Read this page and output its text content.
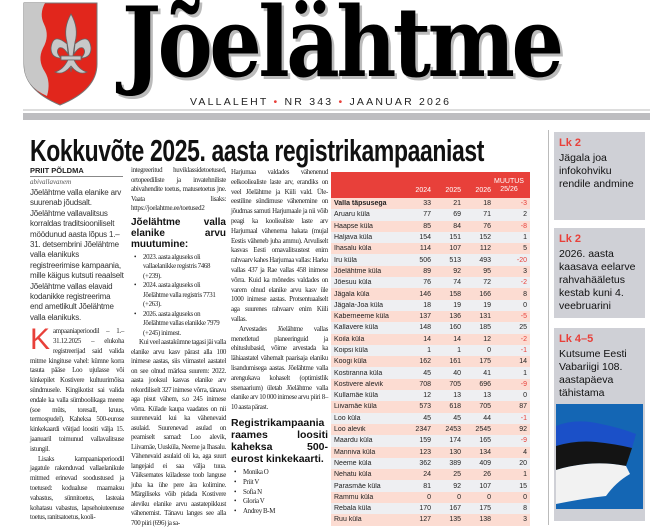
Jõelähtme
VALLALEHT • NR 343 • JAANUAR 2026
Kokkuvõte 2025. aasta registrikampaaniast
PRIIT PÕLDMA
abivallavanem
Jõelähtme valla elanike arv suurenab jõudsalt. Jõelähtme vallavalitsus korraldas traditsiooniliselt möödunud aasta lõpus 1.–31. detsembrini Jõelähtme valla elanikuks registreerimise kampaania, mille käigus kutsuti reaalselt Jõelähtme vallas elavaid kodanikke registreerima end ametlikult Jõelähtme valla elanikuks.
K ampaaniaperioodil – 1.–31.12.2025 – elukoha registreerijad said valida mitme kingituse vahel: kümne korra tasuta pääse Loo ujulasse või kinkepilet Kostivere kultuurimõisa sündmusele. Kingikotist sai valida endale ka valla sümboolikaga meene (soe müts, toresall, kruus, termospudel). Kaheksa 500-eurose kinkekaardi võitjad loositi välja 15. jaanuaril toimunud vallavalitsuse istungil.

Lisaks kampaaniaperioodil jagatule rakenduvad vallaelanikule mitmed erinevad soodustused ja toetused: kodualuse maamaksu vabastus, sünnitoetus, lasteaia kohatasu vabastus, lapsehoiuteenuse toetus, ranitsatoetus, kooli-

integreeritud huviklassidetoetused, ortopeediliste ja invatehniliste abivahendite toetus, matusetoetus jne. Vaata lisaks: https://joelahtme.ee/toetused2

Jõelähtme valla elanike arvu muutumine:
• 2023. aasta alguseks oli vallaelanikke registris 7468 (+239).
• 2024. aasta alguseks oli Jõelähtme valla registris 7731 (+263).
• 2026. aasta alguseks on Jõelähtme vallas elanikke 7979 (+245) inimest.

Kui veel aastakümne tagasi jäi valla elanike arvu kasv pärast alla 100 inimese aastas, siis viimastel aastatel on see olnud märksa suurem: 2022. aasta jooksul kasvas elanike arv rekordiliselt 327 inimese võrra, tänavu aga pisut vähem, s.o 245 inimese võrra. Külade kaupa vaadates on nii suurenevaid kui ka vähenevaid asulaid. Suurenevad asulad on peamiselt samad: Loo alevik, Liivamäe, Uusküla, Neeme ja Ihasalu. Vähenevaid asulaid oli ka, aga suurt langejaid ei saa välja tuua. Väiksemates küladesse toob languse juba ka ühe pere ära kolimine. Märgiliseks võib pidada Kostivere aleviku elanike arvu aastatepikkust vähenemist. Tänavu langes see alla 700 piiri (696) ja sa-

Harjumaa valdades vähenenud eelkooliealiste laste arv, erandiks on veel Jõelähtme ja Kiili vald. Üle-eestiline sündimuse vähenemine on jõudmas samuti Harjumaale ja nii võib peagi ka kooliealiste laste arv Harjumaal vähenema hakata (mujal Eestis väheneb juba ammu). Arvuliselt kasvas Eesti omavalitsustest enim rahvaarv kahes Harjumaa vallas: Harku vallas 437 ja Rae vallas 458 inimese võrra. Kuid ka mõnedes valdades on varem olnud elanike arvu kasv üle 1000 inimese aastas. Protsentuaalselt aga suurenes rahvaarv enim Kiili vallas.

Arvestades Jõelähtme vallas menetletud planeeringuid ja ehituslubasid, võime arvestada ka lähiaastatel vähemalt paarisaja elaniku lisandumisega aastas. Jõelähtme valla arengukava kohaselt (optimistlik stsenaarium) ületab Jõelähtme valla elanike arv 10 000 inimese arvu piiri 8–10 aasta pärast.

Registrikampaania raames loositi kaheksa 500-eurost kinkekaarti.
• Monika O
• Priit V
• Sofia N
• Gloria V
• Andrey B-M
2024	2025	2026
MUUTUS 25/26
Valla täpsusega	33	21	18	-3
Aruaru küla	77	69	71	2
Haapse küla	85	84	76	-8
Haljava küla	154	151	152	1
Ihasalu küla	114	107	112	5
Iru küla	506	513	493	-20
Jõelähtme küla	89	92	95	3
Jõesuu küla	76	74	72	-2
Jägala küla	146	158	166	8
Jägala-Joa küla	18	19	19	0
Kaberneeme küla	137	136	131	-5
Kallavere küla	148	160	185	25
Koila küla	14	14	12	-2
Koipsi küla	1	1	0	-1
Koogi küla	162	161	175	14
Kostiranna küla	45	40	41	1
Kostivere alevik	708	705	696	-9
Kullamäe küla	12	13	13	0
Liivamäe küla	573	618	705	87
Loo küla	45	45	44	-1
Loo alevik	2347	2453	2545	92
Maardu küla	159	174	165	-9
Manniva küla	123	130	134	4
Neeme küla	362	389	409	20
Nehatu küla	24	25	26	1
Parasmäe küla	81	92	107	15
Rammu küla	0	0	0	0
Rebala küla	170	167	175	8
Ruu küla	127	135	138	3
Lk 2
Jägala joa infokohviku rendile andmine
Lk 2
2026. aasta kaasava eelarve rahvahääletus kestab kuni 4. veebruarini
Lk 4–5
Kutsume Eesti Vabariigi 108. aastapäeva tähistama
